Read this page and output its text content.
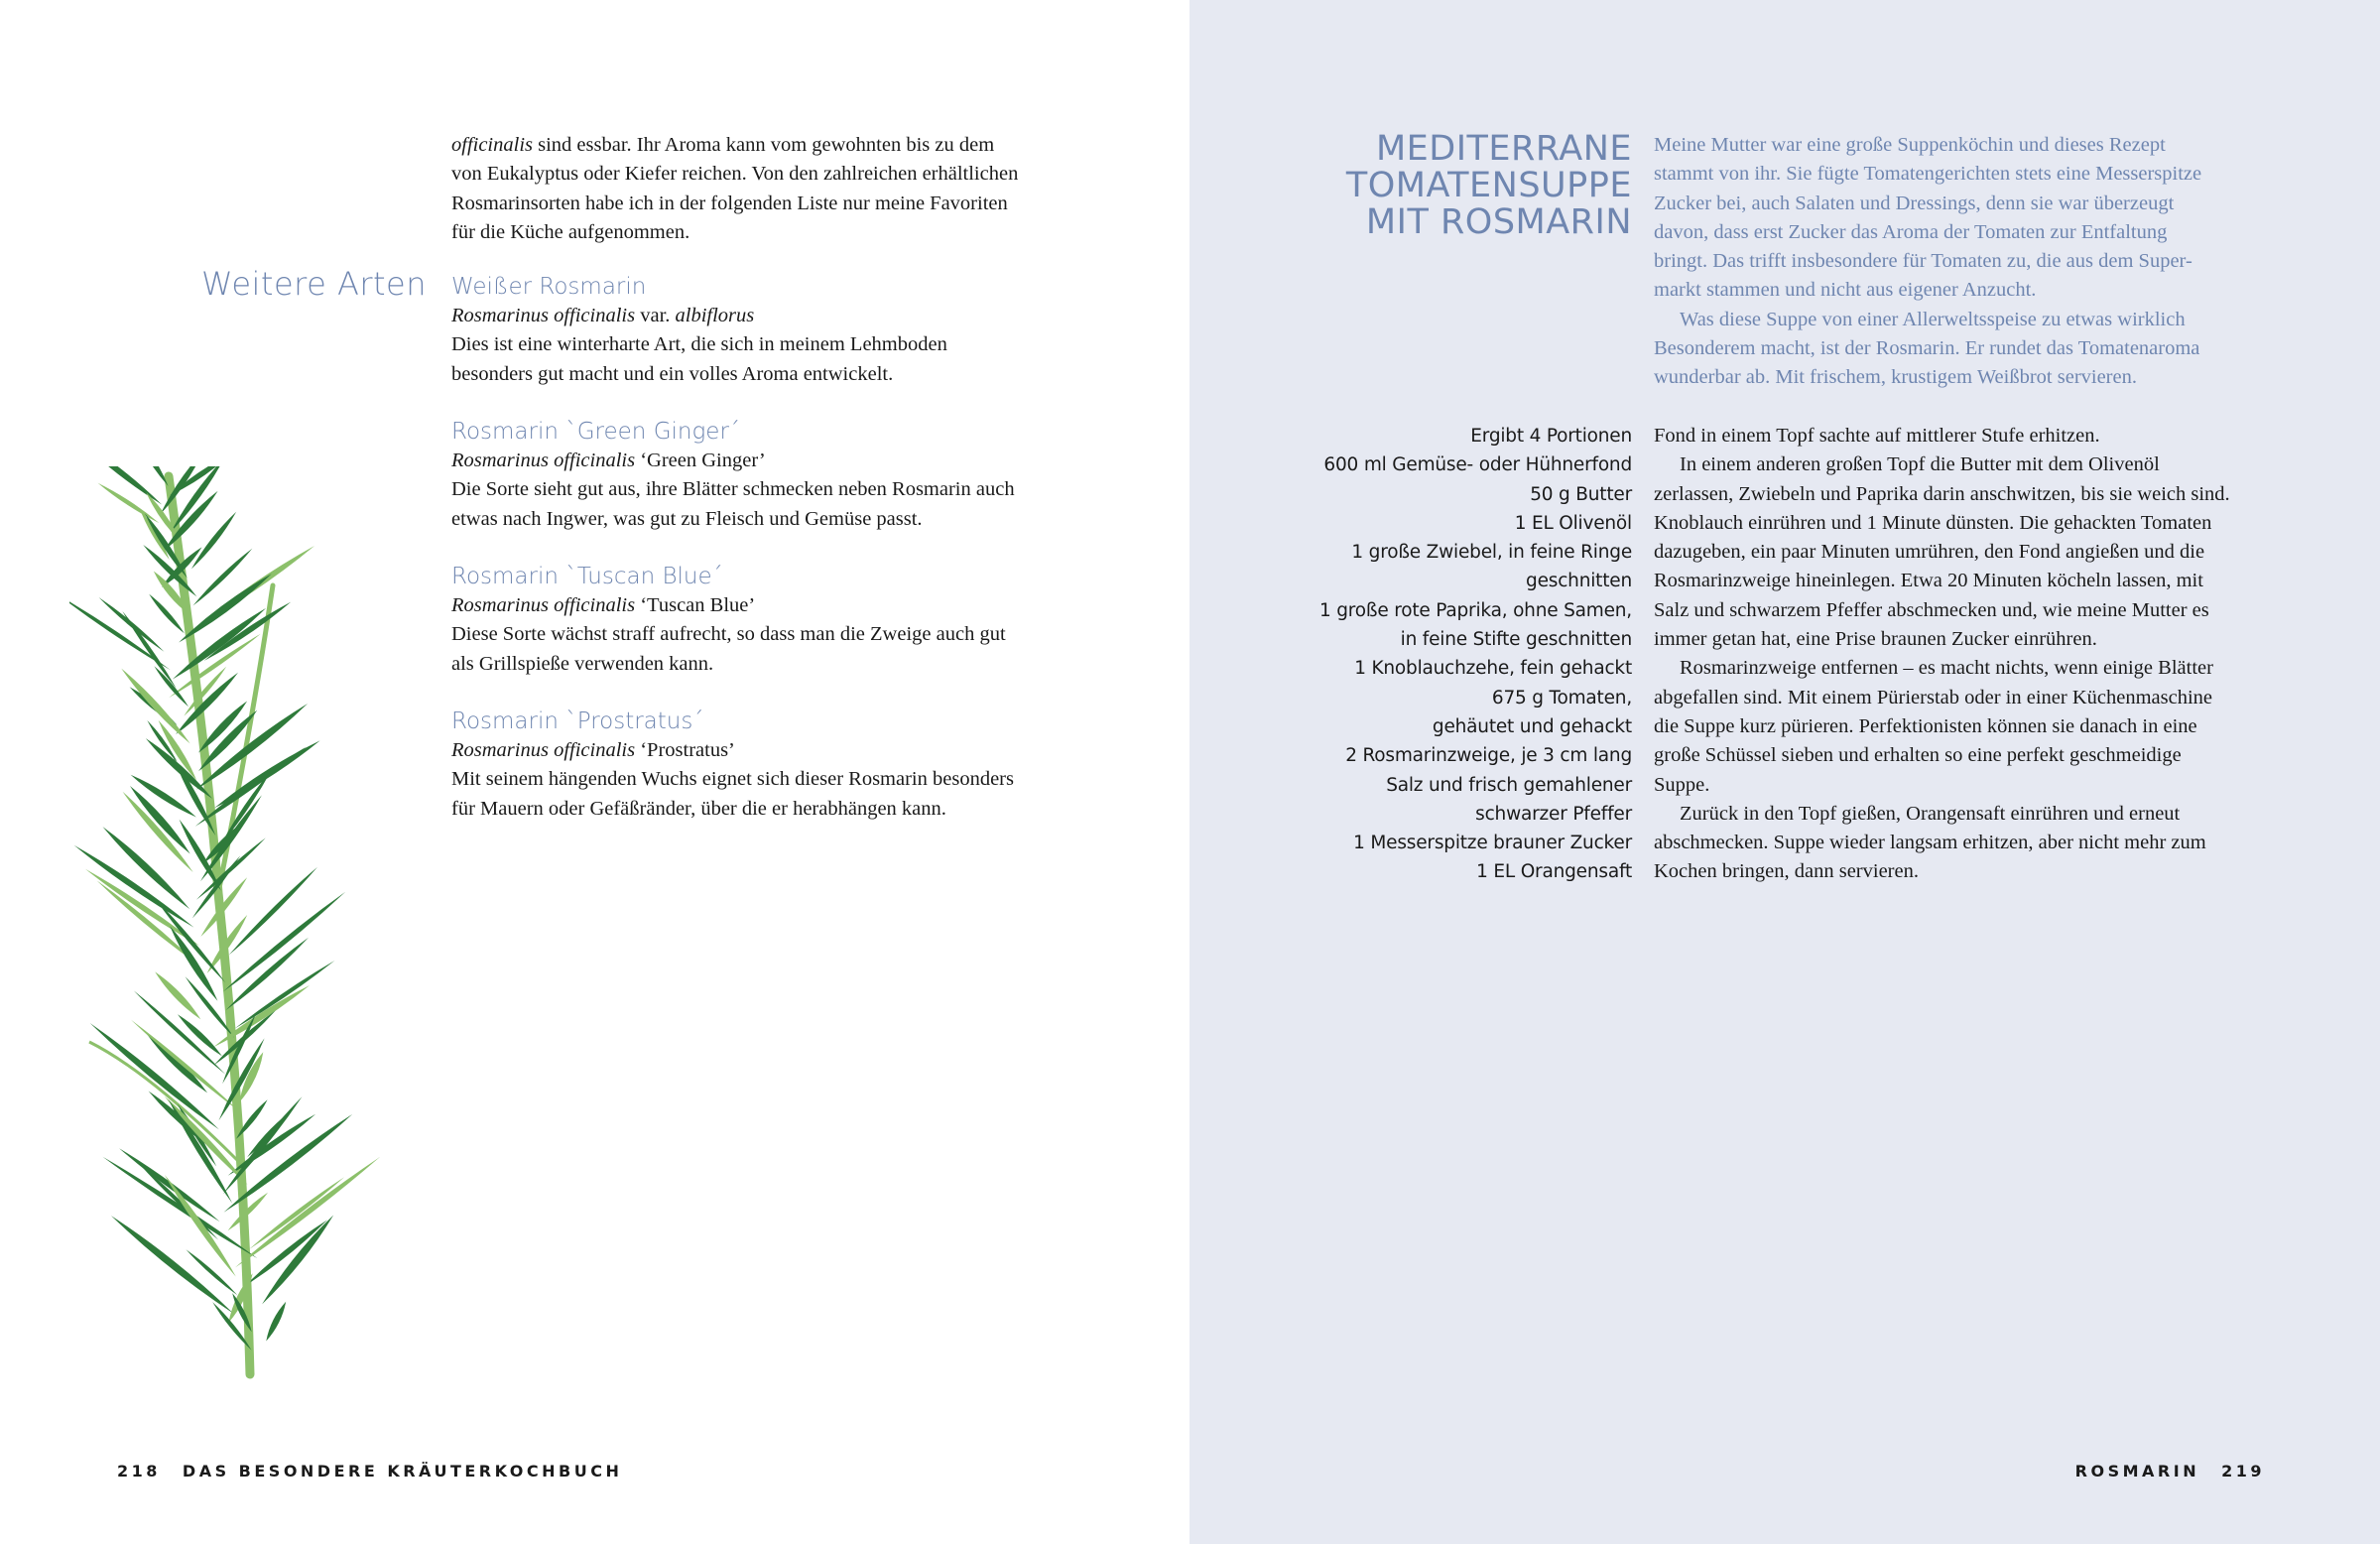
officinalis sind essbar. Ihr Aroma kann vom gewohnten bis zu dem
von Eukalyptus oder Kiefer reichen. Von den zahlreichen erhältlichen
Rosmarinsorten habe ich in der folgenden Liste nur meine Favoriten
für die Küche aufgenommen.
Weitere Arten Weißer Rosmarin
Rosmarinus officinalis var. albiflorus
Dies ist eine winterharte Art, die sich in meinem Lehmboden
besonders gut macht und ein volles Aroma entwickelt.
Rosmarin `Green Ginger´
Rosmarinus officinalis ‘Green Ginger’
Die Sorte sieht gut aus, ihre Blätter schmecken neben Rosmarin auch
etwas nach Ingwer, was gut zu Fleisch und Gemüse passt.
Rosmarin `Tuscan Blue´
Rosmarinus officinalis ‘Tuscan Blue’
Diese Sorte wächst straff aufrecht, so dass man die Zweige auch gut
als Grillspieße verwenden kann.
Rosmarin `Prostratus´
Rosmarinus officinalis ‘Prostratus’
Mit seinem hängenden Wuchs eignet sich dieser Rosmarin besonders
für Mauern oder Gefäßränder, über die er herabhängen kann.
218 DAS BESONDERE KRÄUTERKOCHBUCH
MEDITERRANE
TOMATENSUPPE
MIT ROSMARIN
Meine Mutter war eine große Suppenköchin und dieses Rezept
stammt von ihr. Sie fügte Tomatengerichten stets eine Messerspitze
Zucker bei, auch Salaten und Dressings, denn sie war überzeugt
davon, dass erst Zucker das Aroma der Tomaten zur Entfaltung
bringt. Das trifft insbesondere für Tomaten zu, die aus dem Super-
markt stammen und nicht aus eigener Anzucht.
Was diese Suppe von einer Allerweltsspeise zu etwas wirklich
Besonderem macht, ist der Rosmarin. Er rundet das Tomatenaroma
wunderbar ab. Mit frischem, krustigem Weißbrot servieren.
Ergibt 4 Portionen
600 ml Gemüse- oder Hühnerfond
50 g Butter
1 EL Olivenöl
1 große Zwiebel, in feine Ringe
geschnitten
1 große rote Paprika, ohne Samen,
in feine Stifte geschnitten
1 Knoblauchzehe, fein gehackt
675 g Tomaten,
gehäutet und gehackt
2 Rosmarinzweige, je 3 cm lang
Salz und frisch gemahlener
schwarzer Pfeffer
1 Messerspitze brauner Zucker
1 EL Orangensaft
Fond in einem Topf sachte auf mittlerer Stufe erhitzen.
In einem anderen großen Topf die Butter mit dem Olivenöl
zerlassen, Zwiebeln und Paprika darin anschwitzen, bis sie weich sind.
Knoblauch einrühren und 1 Minute dünsten. Die gehackten Tomaten
dazugeben, ein paar Minuten umrühren, den Fond angießen und die
Rosmarinzweige hineinlegen. Etwa 20 Minuten köcheln lassen, mit
Salz und schwarzem Pfeffer abschmecken und, wie meine Mutter es
immer getan hat, eine Prise braunen Zucker einrühren.
Rosmarinzweige entfernen – es macht nichts, wenn einige Blätter
abgefallen sind. Mit einem Pürierstab oder in einer Küchenmaschine
die Suppe kurz pürieren. Perfektionisten können sie danach in eine
große Schüssel sieben und erhalten so eine perfekt geschmeidige
Suppe.
Zurück in den Topf gießen, Orangensaft einrühren und erneut
abschmecken. Suppe wieder langsam erhitzen, aber nicht mehr zum
Kochen bringen, dann servieren.
ROSMARIN 219
